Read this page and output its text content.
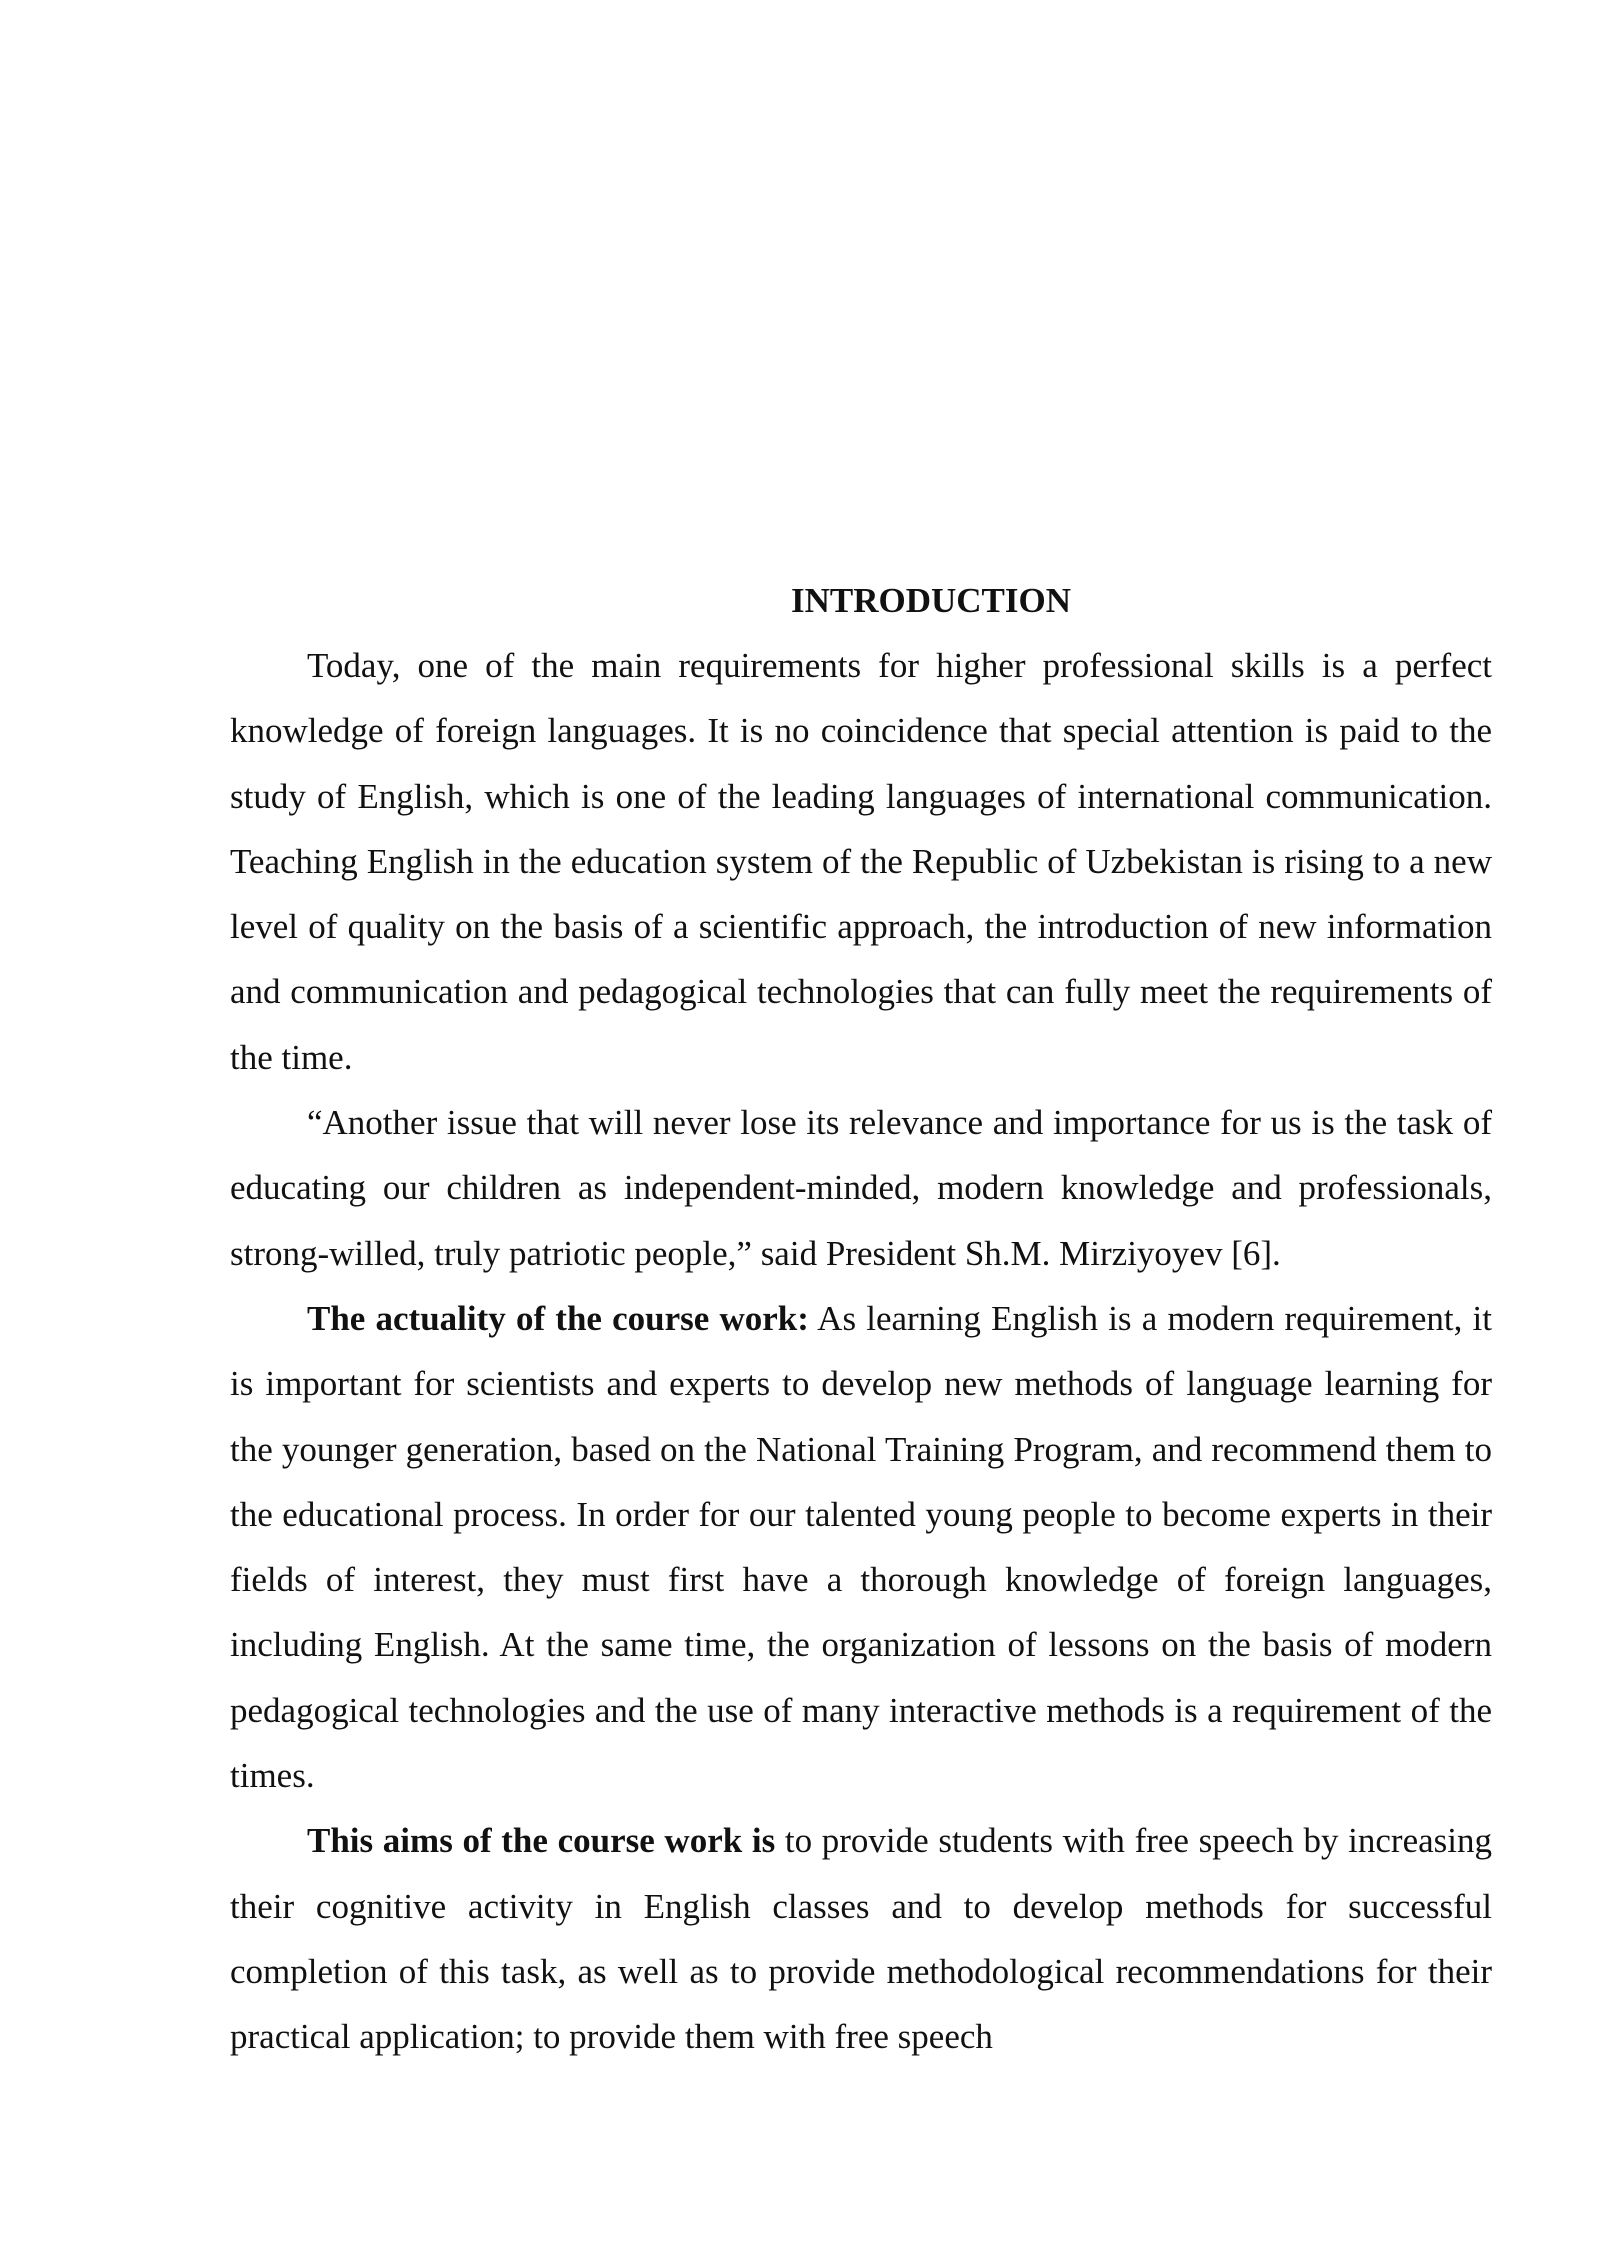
INTRODUCTION

Today, one of the main requirements for higher professional skills is a perfect knowledge of foreign languages. It is no coincidence that special attention is paid to the study of English, which is one of the leading languages of international communication. Teaching English in the education system of the Republic of Uzbekistan is rising to a new level of quality on the basis of a scientific approach, the introduction of new information and communication and pedagogical technologies that can fully meet the requirements of the time.

“Another issue that will never lose its relevance and importance for us is the task of educating our children as independent-minded, modern knowledge and professionals, strong-willed, truly patriotic people,” said President Sh.M. Mirziyoyev [6].

The actuality of the course work: As learning English is a modern requirement, it is important for scientists and experts to develop new methods of language learning for the younger generation, based on the National Training Program, and recommend them to the educational process. In order for our talented young people to become experts in their fields of interest, they must first have a thorough knowledge of foreign languages, including English. At the same time, the organization of lessons on the basis of modern pedagogical technologies and the use of many interactive methods is a requirement of the times.

This aims of the course work is to provide students with free speech by increasing their cognitive activity in English classes and to develop methods for successful completion of this task, as well as to provide methodological recommendations for their practical application; to provide them with free speech
